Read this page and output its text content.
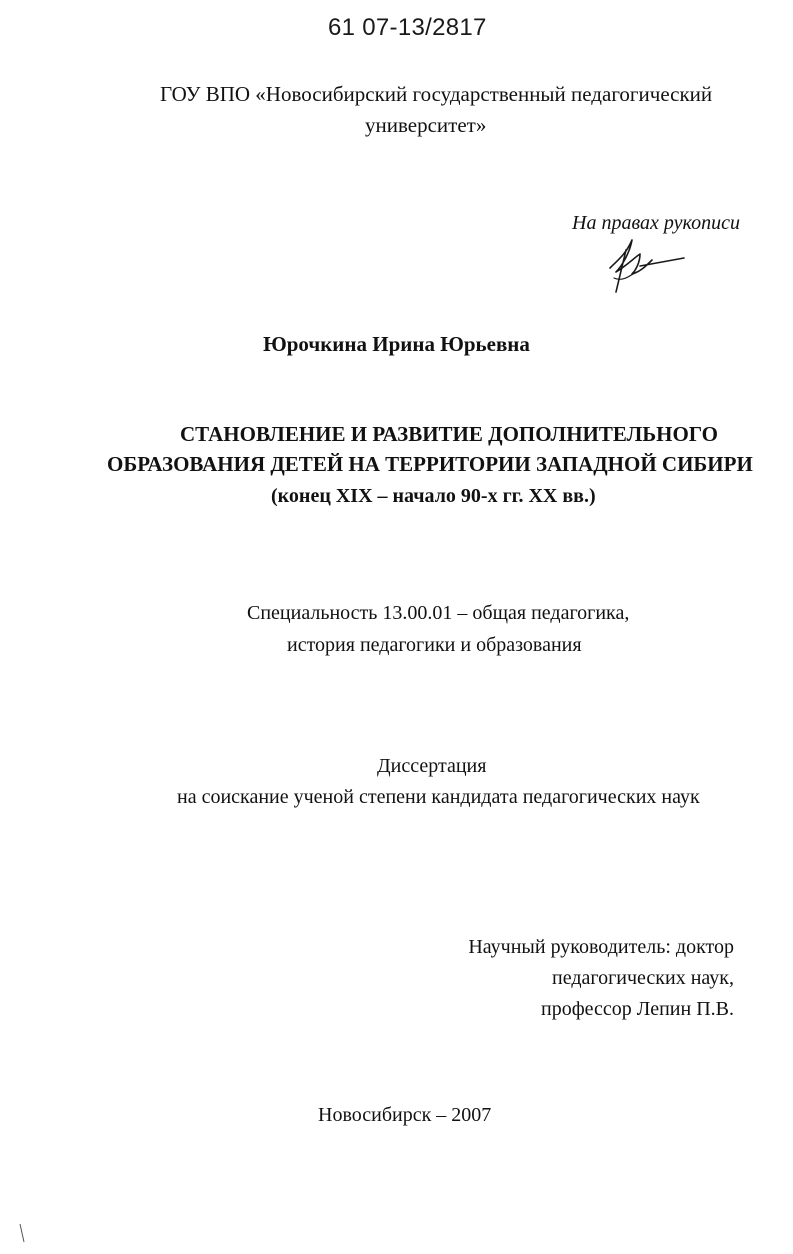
61 07-13/2817
ГОУ ВПО «Новосибирский государственный педагогический
университет»
На правах рукописи
Юрочкина Ирина Юрьевна
СТАНОВЛЕНИЕ И РАЗВИТИЕ ДОПОЛНИТЕЛЬНОГО
ОБРАЗОВАНИЯ ДЕТЕЙ НА ТЕРРИТОРИИ ЗАПАДНОЙ СИБИРИ
(конец XIX – начало 90-х гг. XX вв.)
Специальность 13.00.01 – общая педагогика,
история педагогики и образования
Диссертация
на соискание ученой степени кандидата педагогических наук
Научный руководитель: доктор
педагогических наук,
профессор Лепин П.В.
Новосибирск – 2007
